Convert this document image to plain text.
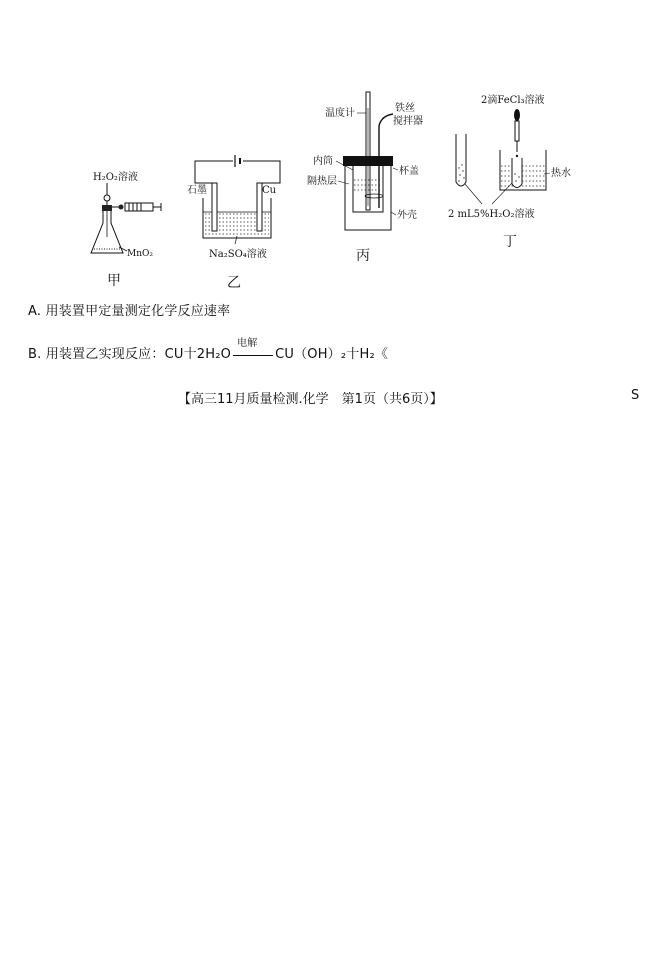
H₂O₂溶液
MnO₂
甲
石墨	Cu
Na₂SO₄溶液
乙
温度计	铁丝
搅拌器
杯盖
内筒
隔热层
外壳
丙
2滴FeCl₃溶液
热水
2 mL5%H₂O₂溶液
丁
A. 用装置甲定量测定化学反应速率
B. 用装置乙实现反应：CU十2H₂O
电解
CU（OH）₂十H₂《
【高三11月质量检测.化学　第1页（共6页）】	S
